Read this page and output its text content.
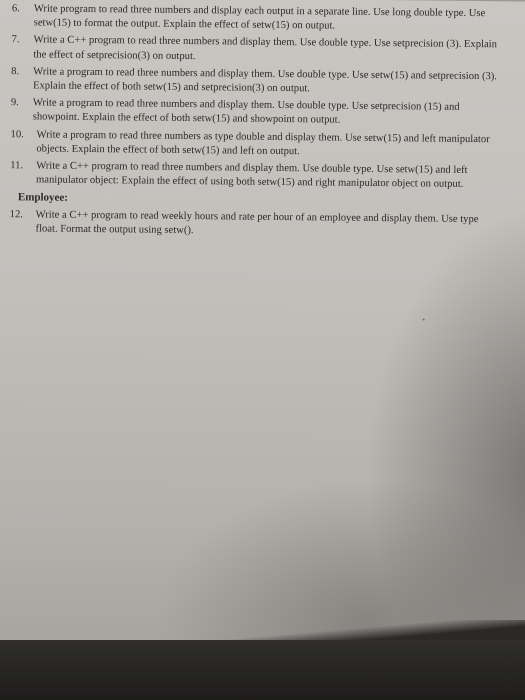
6.	Write program to read three numbers and display each output in a separate line. Use long double type. Use setw(15) to format the output. Explain the effect of setw(15) on output.
7.	Write a C++ program to read three numbers and display them. Use double type. Use setprecision (3). Explain the effect of setprecision(3) on output.
8.	Write a program to read three numbers and display them. Use double type. Use setw(15) and setprecision (3). Explain the effect of both setw(15) and setprecision(3) on output.
9.	Write a program to read three numbers and display them. Use double type. Use setprecision (15) and showpoint. Explain the effect of both setw(15) and showpoint on output.
10.	Write a program to read three numbers as type double and display them. Use setw(15) and left manipulator objects. Explain the effect of both setw(15) and left on output.
11.	Write a C++ program to read three numbers and display them. Use double type. Use setw(15) and left manipulator object: Explain the effect of using both setw(15) and right manipulator object on output.
Employee:
12.	Write a C++ program to read weekly hours and rate per hour of an employee and display them. Use type float. Format the output using setw().
